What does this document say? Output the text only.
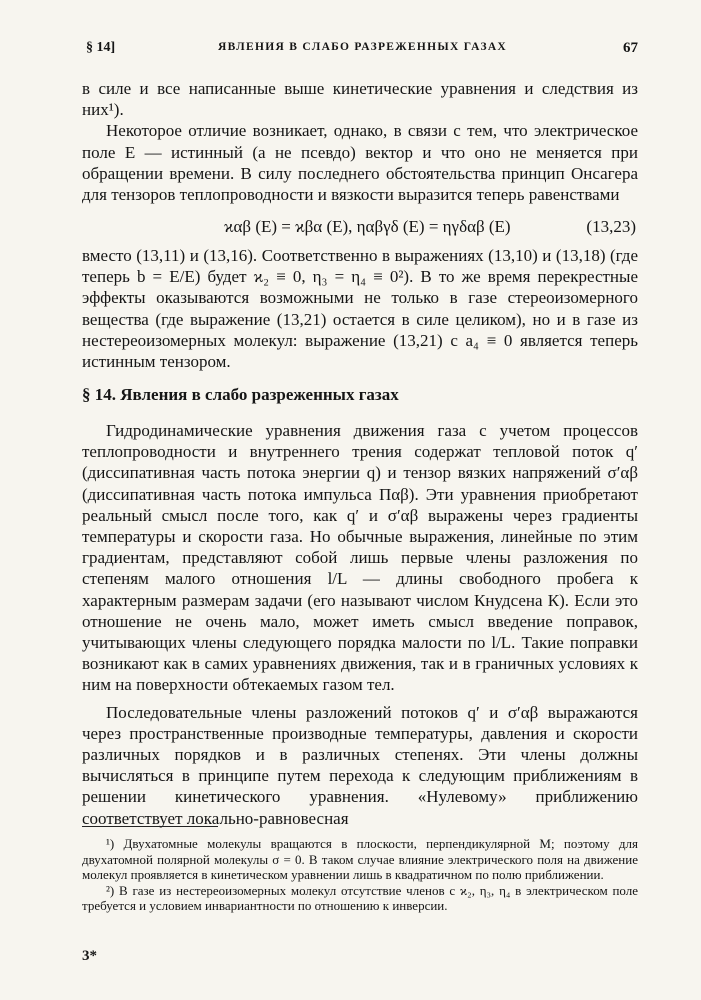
§ 14]	ЯВЛЕНИЯ В СЛАБО РАЗРЕЖЕННЫХ ГАЗАХ	67

в силе и все написанные выше кинетические уравнения и следствия из них¹).

Некоторое отличие возникает, однако, в связи с тем, что электрическое поле E — истинный (а не псевдо) вектор и что оно не меняется при обращении времени. В силу последнего обстоятельства принцип Онсагера для тензоров теплопроводности и вязкости выразится теперь равенствами

ϰαβ (E) = ϰβα (E), ηαβγδ (E) = ηγδαβ (E)	(13,23)

вместо (13,11) и (13,16). Соответственно в выражениях (13,10) и (13,18) (где теперь b = E/E) будет ϰ₂ ≡ 0, η₃ = η₄ ≡ 0²). В то же время перекрестные эффекты оказываются возможными не только в газе стереоизомерного вещества (где выражение (13,21) остается в силе целиком), но и в газе из нестереоизомерных молекул: выражение (13,21) с a₄ ≡ 0 является теперь истинным тензором.

§ 14. Явления в слабо разреженных газах

Гидродинамические уравнения движения газа с учетом процессов теплопроводности и внутреннего трения содержат тепловой поток q′ (диссипативная часть потока энергии q) и тензор вязких напряжений σ′αβ (диссипативная часть потока импульса Παβ). Эти уравнения приобретают реальный смысл после того, как q′ и σ′αβ выражены через градиенты температуры и скорости газа. Но обычные выражения, линейные по этим градиентам, представляют собой лишь первые члены разложения по степеням малого отношения l/L — длины свободного пробега к характерным размерам задачи (его называют числом Кнудсена К). Если это отношение не очень мало, может иметь смысл введение поправок, учитывающих члены следующего порядка малости по l/L. Такие поправки возникают как в самих уравнениях движения, так и в граничных условиях к ним на поверхности обтекаемых газом тел.

Последовательные члены разложений потоков q′ и σ′αβ выражаются через пространственные производные температуры, давления и скорости различных порядков и в различных степенях. Эти члены должны вычисляться в принципе путем перехода к следующим приближениям в решении кинетического уравнения. «Нулевому» приближению соответствует локально-равновесная

¹) Двухатомные молекулы вращаются в плоскости, перпендикулярной M; поэтому для двухатомной полярной молекулы σ = 0. В таком случае влияние электрического поля на движение молекул проявляется в кинетическом уравнении лишь в квадратичном по полю приближении.

²) В газе из нестереоизомерных молекул отсутствие членов с ϰ₂, η₃, η₄ в электрическом поле требуется и условием инвариантности по отношению к инверсии.

3*
